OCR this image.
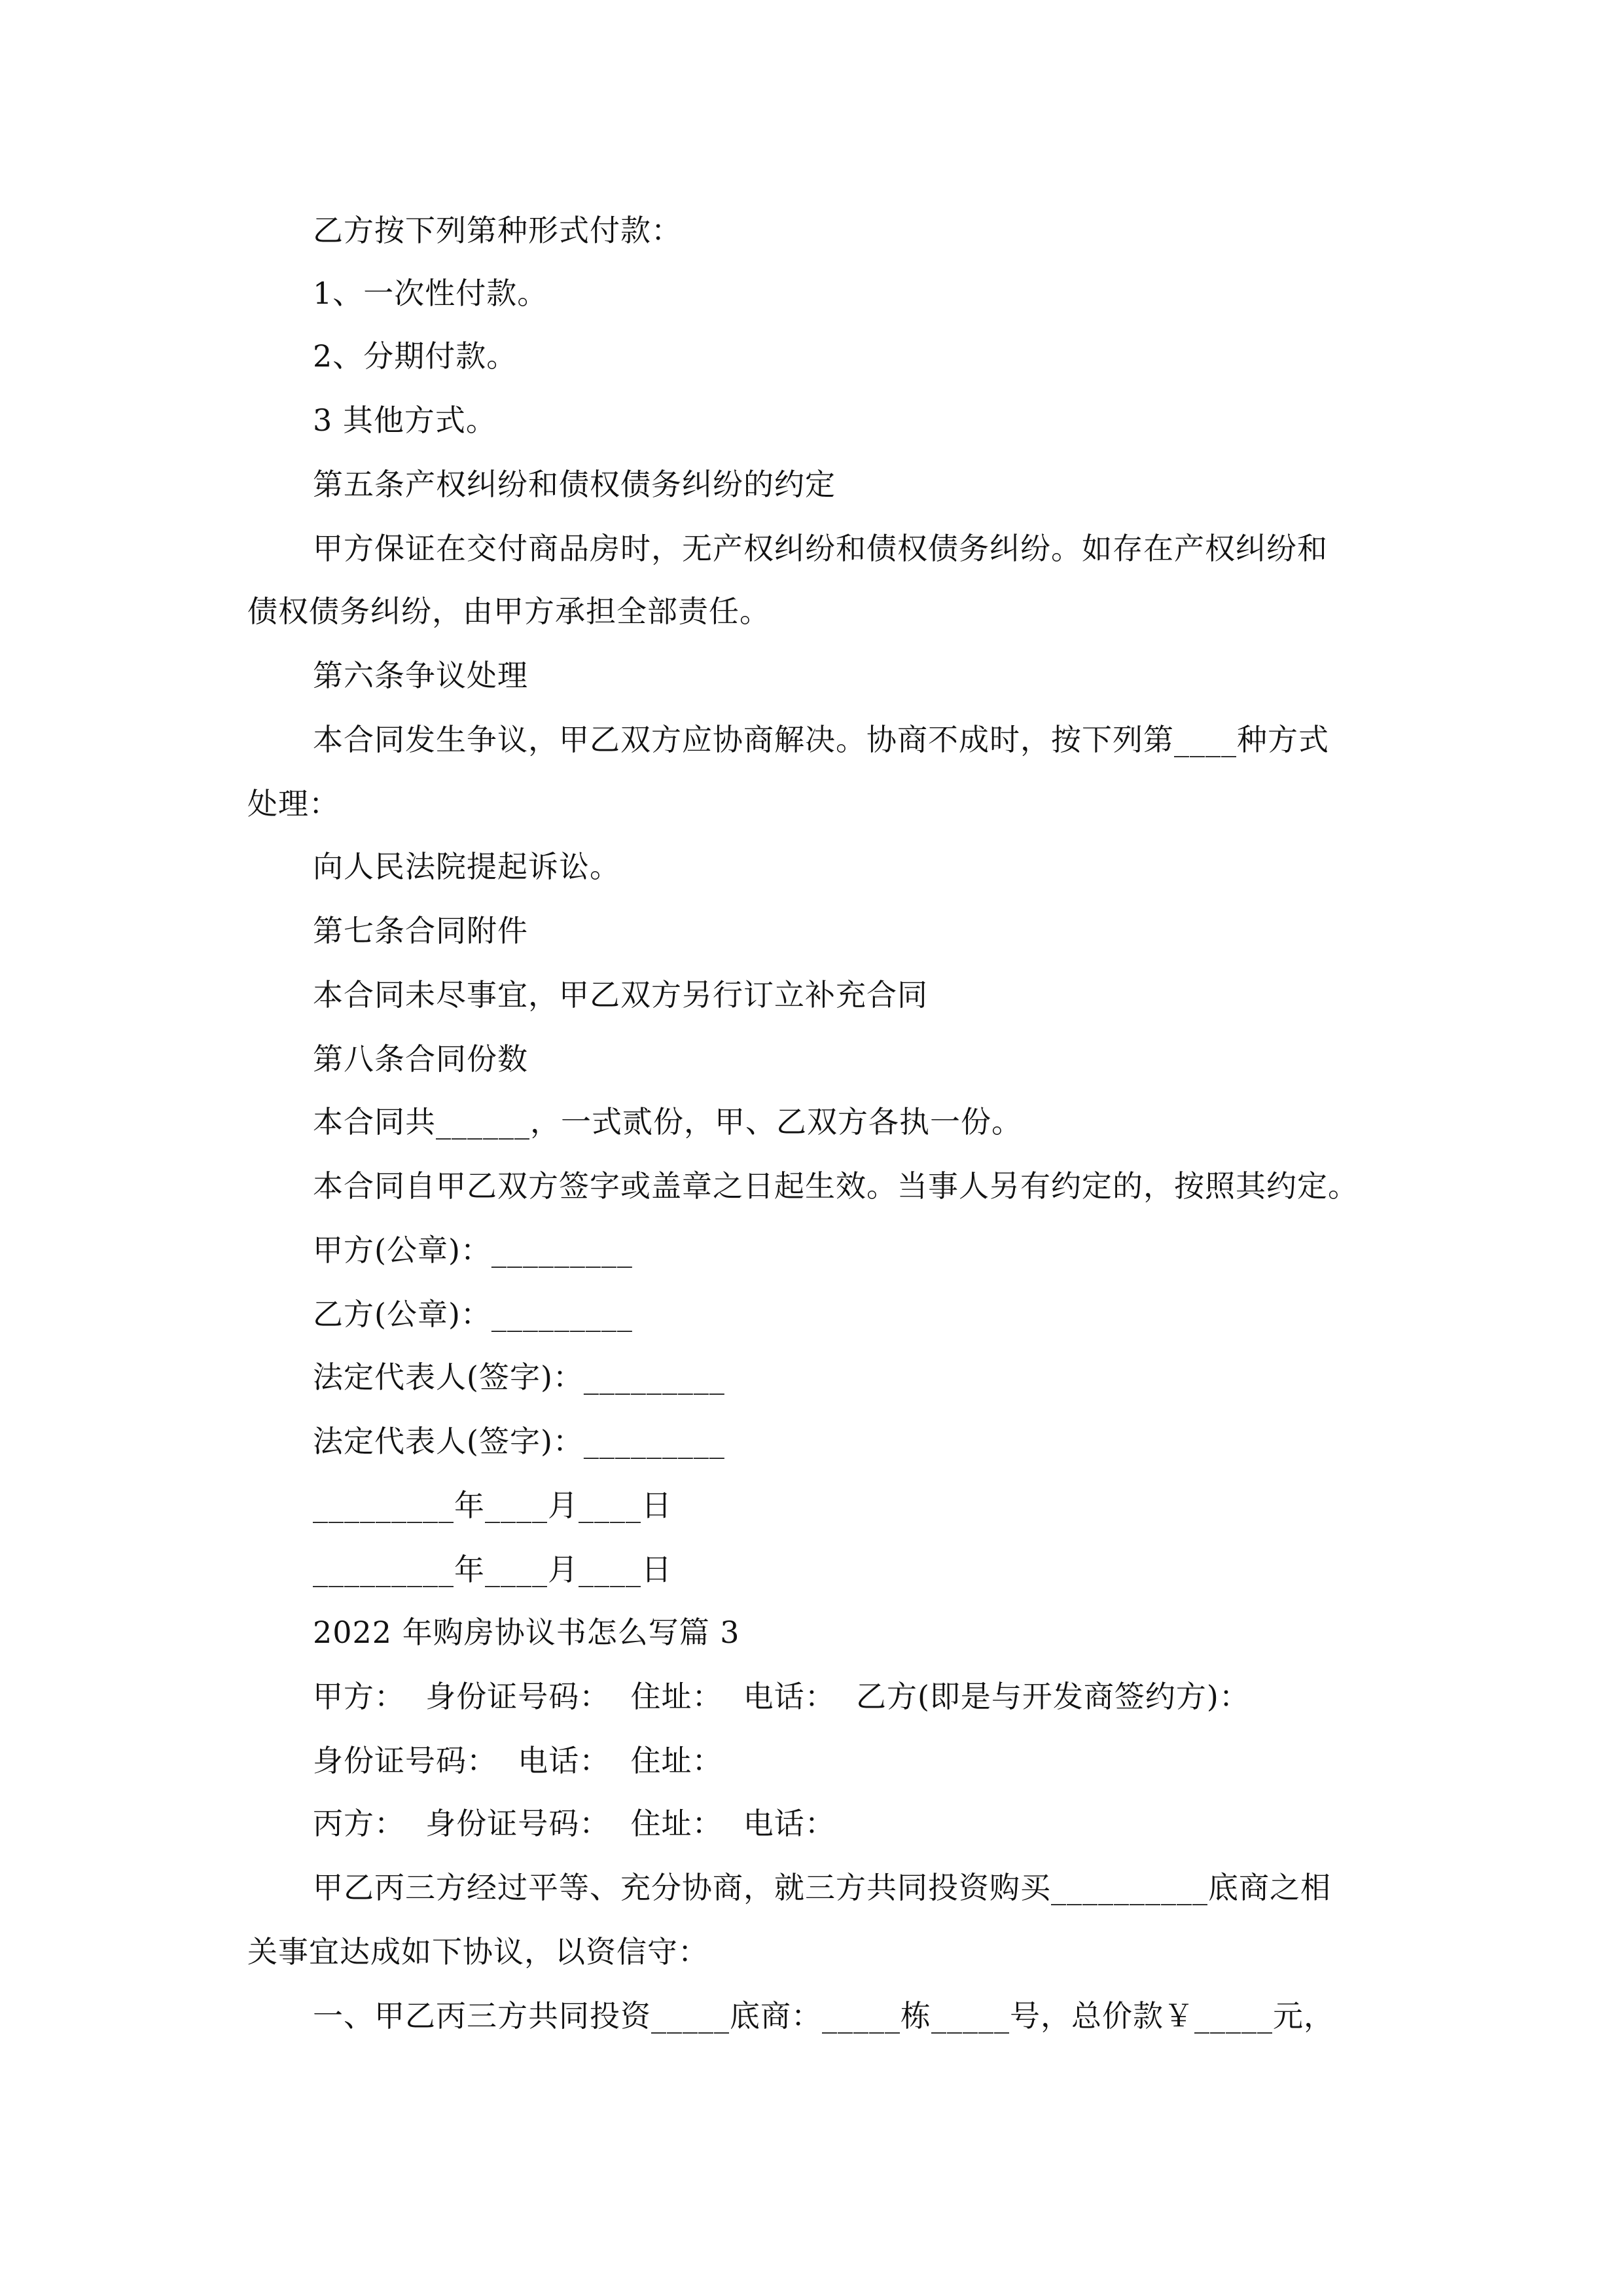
乙方按下列第种形式付款：
1、一次性付款。
2、分期付款。
3 其他方式。
第五条产权纠纷和债权债务纠纷的约定
甲方保证在交付商品房时，无产权纠纷和债权债务纠纷。如存在产权纠纷和
债权债务纠纷，由甲方承担全部责任。
第六条争议处理
本合同发生争议，甲乙双方应协商解决。协商不成时，按下列第____种方式
处理：
向人民法院提起诉讼。
第七条合同附件
本合同未尽事宜，甲乙双方另行订立补充合同
第八条合同份数
本合同共______，一式贰份，甲、乙双方各执一份。
本合同自甲乙双方签字或盖章之日起生效。当事人另有约定的，按照其约定。
甲方(公章)：_________
乙方(公章)：_________
法定代表人(签字)：_________
法定代表人(签字)：_________
_________年____月____日
_________年____月____日
2022 年购房协议书怎么写篇 3
甲方：  身份证号码：  住址：  电话：  乙方(即是与开发商签约方)：
身份证号码：  电话：  住址：
丙方：  身份证号码：  住址：  电话：
甲乙丙三方经过平等、充分协商，就三方共同投资购买__________底商之相
关事宜达成如下协议，以资信守：
一、甲乙丙三方共同投资_____底商：_____栋_____号，总价款￥_____元，
